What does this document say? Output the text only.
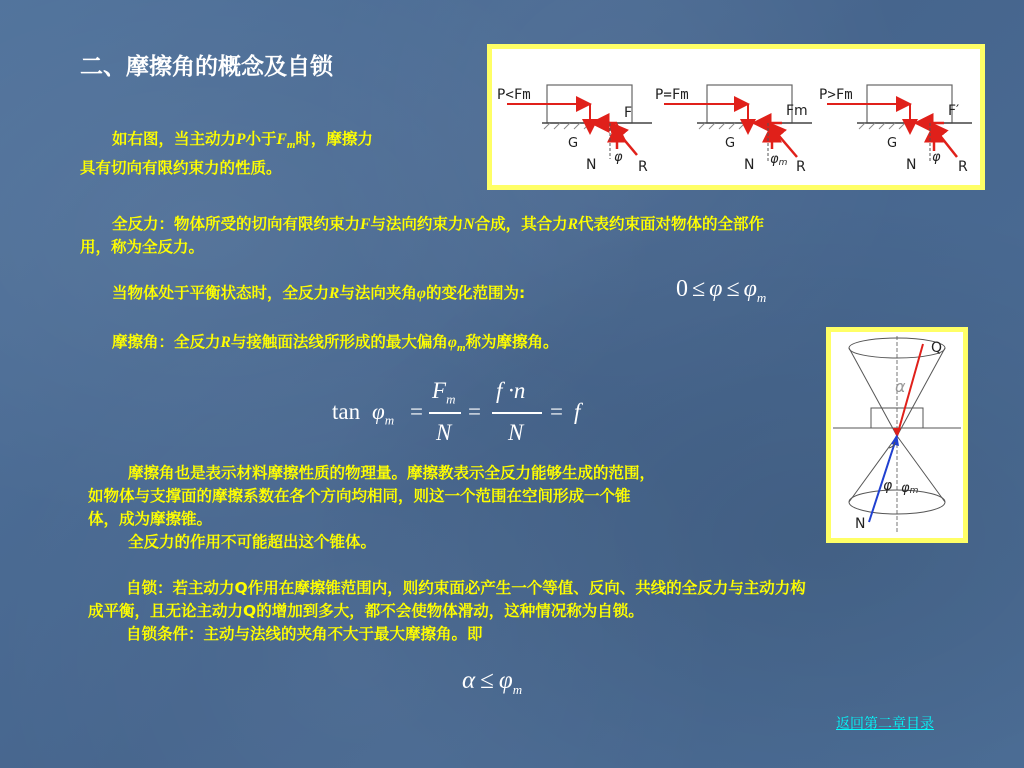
二、摩擦角的概念及自锁
如右图，当主动力P小于$F_m$时，摩擦力
具有切向有限约束力的性质。
P<Fm
F
G
N φ
R
P=Fm
Fm
G
N φm R
P>Fm
F′
G
N φ
R
全反力：物体所受的切向有限约束力F与法向约束力N合成，其合力R代表约束面对物体的全部作
用，称为全反力。
当物体处于平衡状态时，全反力R与法向夹角φ的变化范围为:	$0 \le \varphi \le \varphi_m$
摩擦角：全反力R与接触面法线所形成的最大偏角$\varphi_m$称为摩擦角。
$\tan \varphi_m$ =
$F_m$
N
=
f ·n
N
= f
Q
α
φ φm
N
摩擦角也是表示材料摩擦性质的物理量。摩擦教表示全反力能够生成的范围，
如物体与支撑面的摩擦系数在各个方向均相同，则这一个范围在空间形成一个锥
体，成为摩擦锥。
全反力的作用不可能超出这个锥体。
自锁：若主动力Q作用在摩擦锥范围内，则约束面必产生一个等值、反向、共线的全反力与主动力构
成平衡，且无论主动力Q的增加到多大，都不会使物体滑动，这种情况称为自锁。
自锁条件：主动与法线的夹角不大于最大摩擦角。即
$\alpha \le \varphi_m$
返回第二章目录
